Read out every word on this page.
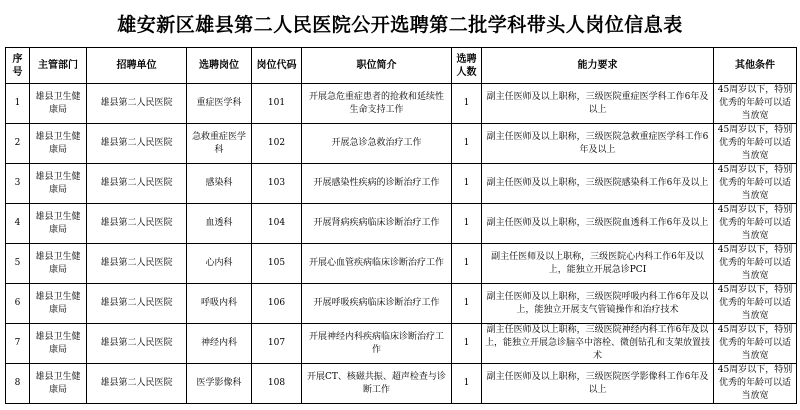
雄安新区雄县第二人民医院公开选聘第二批学科带头人岗位信息表
序号	主管部门	招聘单位	选聘岗位	岗位代码	职位简介	选聘人数	能力要求	其他条件
1	雄县卫生健康局	雄县第二人民医院	重症医学科	101	开展急危重症患者的抢救和延续性生命支持工作	1	副主任医师及以上职称，三级医院重症医学科工作6年及以上	45周岁以下，特别优秀的年龄可以适当放宽
2	雄县卫生健康局	雄县第二人民医院	急救重症医学科	102	开展急诊急救治疗工作	1	副主任医师及以上职称，三级医院急救重症医学科工作6年及以上	45周岁以下，特别优秀的年龄可以适当放宽
3	雄县卫生健康局	雄县第二人民医院	感染科	103	开展感染性疾病的诊断治疗工作	1	副主任医师及以上职称，三级医院感染科工作6年及以上	45周岁以下，特别优秀的年龄可以适当放宽
4	雄县卫生健康局	雄县第二人民医院	血透科	104	开展肾病疾病临床诊断治疗工作	1	副主任医师及以上职称，三级医院血透科工作6年及以上	45周岁以下，特别优秀的年龄可以适当放宽
5	雄县卫生健康局	雄县第二人民医院	心内科	105	开展心血管疾病临床诊断治疗工作	1	副主任医师及以上职称，三级医院心内科工作6年及以上，能独立开展急诊PCI	45周岁以下，特别优秀的年龄可以适当放宽
6	雄县卫生健康局	雄县第二人民医院	呼吸内科	106	开展呼吸疾病临床诊断治疗工作	1	副主任医师及以上职称，三级医院呼吸内科工作6年及以上，能独立开展支气管镜操作和治疗技术	45周岁以下，特别优秀的年龄可以适当放宽
7	雄县卫生健康局	雄县第二人民医院	神经内科	107	开展神经内科疾病临床诊断治疗工作	1	副主任医师及以上职称，三级医院神经内科工作6年及以上，能独立开展急诊脑卒中溶栓、微创钻孔和支架放置技术	45周岁以下，特别优秀的年龄可以适当放宽
8	雄县卫生健康局	雄县第二人民医院	医学影像科	108	开展CT、核磁共振、超声检查与诊断工作	1	副主任医师及以上职称，三级医院医学影像科工作6年及以上	45周岁以下，特别优秀的年龄可以适当放宽
